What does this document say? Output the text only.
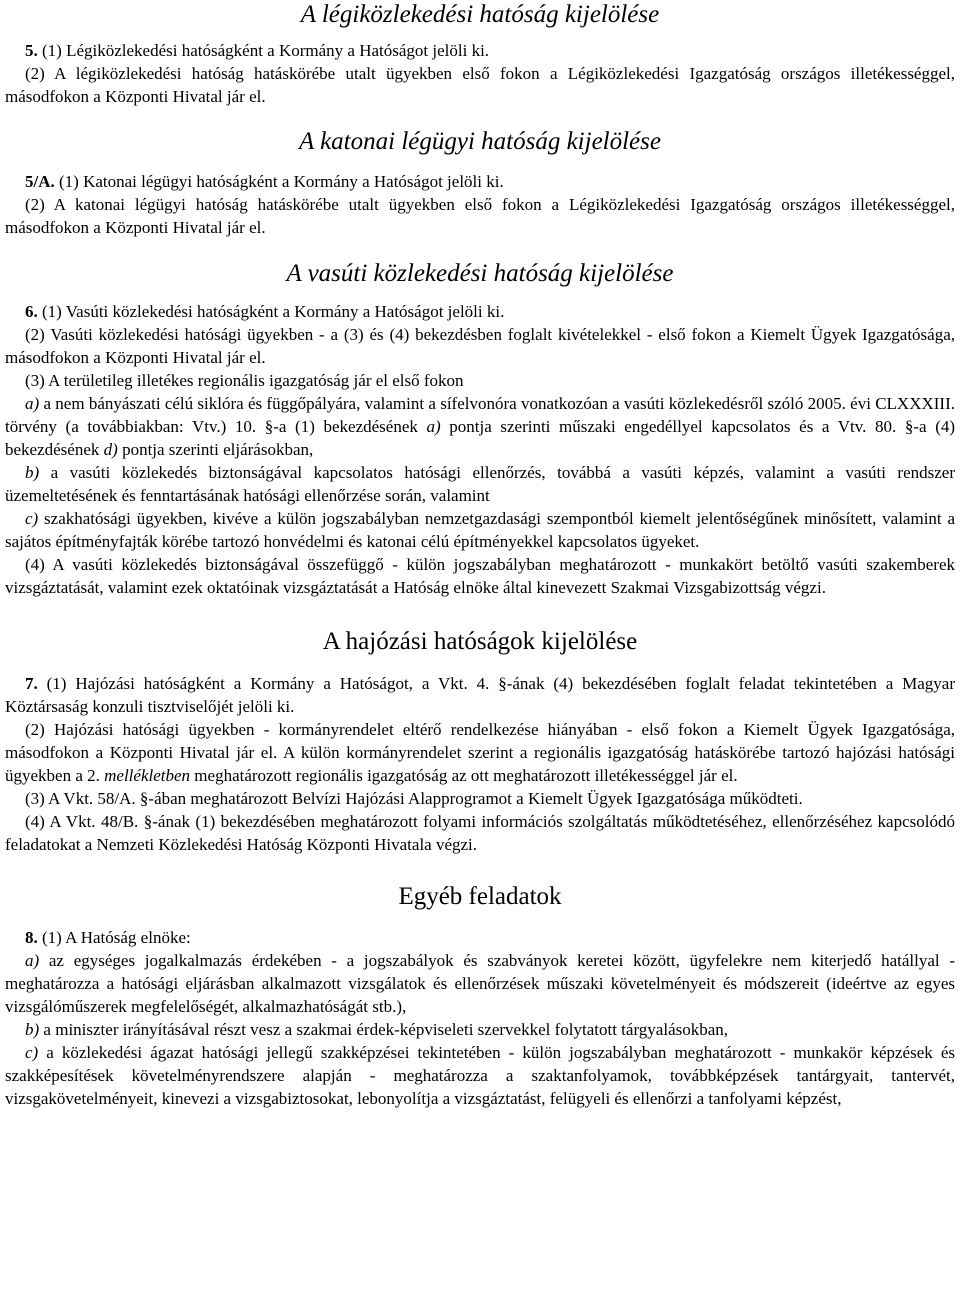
A légiközlekedési hatóság kijelölése

5. (1) Légiközlekedési hatóságként a Kormány a Hatóságot jelöli ki.

(2) A légiközlekedési hatóság hatáskörébe utalt ügyekben első fokon a Légiközlekedési Igazgatóság országos illetékességgel, másodfokon a Központi Hivatal jár el.

A katonai légügyi hatóság kijelölése

5/A. (1) Katonai légügyi hatóságként a Kormány a Hatóságot jelöli ki.

(2) A katonai légügyi hatóság hatáskörébe utalt ügyekben első fokon a Légiközlekedési Igazgatóság országos illetékességgel, másodfokon a Központi Hivatal jár el.

A vasúti közlekedési hatóság kijelölése

6. (1) Vasúti közlekedési hatóságként a Kormány a Hatóságot jelöli ki.

(2) Vasúti közlekedési hatósági ügyekben - a (3) és (4) bekezdésben foglalt kivételekkel - első fokon a Kiemelt Ügyek Igazgatósága, másodfokon a Központi Hivatal jár el.

(3) A területileg illetékes regionális igazgatóság jár el első fokon

a) a nem bányászati célú siklóra és függőpályára, valamint a sífelvonóra vonatkozóan a vasúti közlekedésről szóló 2005. évi CLXXXIII. törvény (a továbbiakban: Vtv.) 10. §-a (1) bekezdésének a) pontja szerinti műszaki engedéllyel kapcsolatos és a Vtv. 80. §-a (4) bekezdésének d) pontja szerinti eljárásokban,

b) a vasúti közlekedés biztonságával kapcsolatos hatósági ellenőrzés, továbbá a vasúti képzés, valamint a vasúti rendszer üzemeltetésének és fenntartásának hatósági ellenőrzése során, valamint

c) szakhatósági ügyekben, kivéve a külön jogszabályban nemzetgazdasági szempontból kiemelt jelentőségűnek minősített, valamint a sajátos építményfajták körébe tartozó honvédelmi és katonai célú építményekkel kapcsolatos ügyeket.

(4) A vasúti közlekedés biztonságával összefüggő - külön jogszabályban meghatározott - munkakört betöltő vasúti szakemberek vizsgáztatását, valamint ezek oktatóinak vizsgáztatását a Hatóság elnöke által kinevezett Szakmai Vizsgabizottság végzi.

A hajózási hatóságok kijelölése

7. (1) Hajózási hatóságként a Kormány a Hatóságot, a Vkt. 4. §-ának (4) bekezdésében foglalt feladat tekintetében a Magyar Köztársaság konzuli tisztviselőjét jelöli ki.

(2) Hajózási hatósági ügyekben - kormányrendelet eltérő rendelkezése hiányában - első fokon a Kiemelt Ügyek Igazgatósága, másodfokon a Központi Hivatal jár el. A külön kormányrendelet szerint a regionális igazgatóság hatáskörébe tartozó hajózási hatósági ügyekben a 2. mellékletben meghatározott regionális igazgatóság az ott meghatározott illetékességgel jár el.

(3) A Vkt. 58/A. §-ában meghatározott Belvízi Hajózási Alapprogramot a Kiemelt Ügyek Igazgatósága működteti.

(4) A Vkt. 48/B. §-ának (1) bekezdésében meghatározott folyami információs szolgáltatás működtetéséhez, ellenőrzéséhez kapcsolódó feladatokat a Nemzeti Közlekedési Hatóság Központi Hivatala végzi.

Egyéb feladatok

8. (1) A Hatóság elnöke:

a) az egységes jogalkalmazás érdekében - a jogszabályok és szabványok keretei között, ügyfelekre nem kiterjedő hatállyal - meghatározza a hatósági eljárásban alkalmazott vizsgálatok és ellenőrzések műszaki követelményeit és módszereit (ideértve az egyes vizsgálóműszerek megfelelőségét, alkalmazhatóságát stb.),

b) a miniszter irányításával részt vesz a szakmai érdek-képviseleti szervekkel folytatott tárgyalásokban,

c) a közlekedési ágazat hatósági jellegű szakképzései tekintetében - külön jogszabályban meghatározott - munkakör képzések és szakképesítések követelményrendszere alapján - meghatározza a szaktanfolyamok, továbbképzések tantárgyait, tantervét, vizsgakövetelményeit, kinevezi a vizsgabiztosokat, lebonyolítja a vizsgáztatást, felügyeli és ellenőrzi a tanfolyami képzést,
